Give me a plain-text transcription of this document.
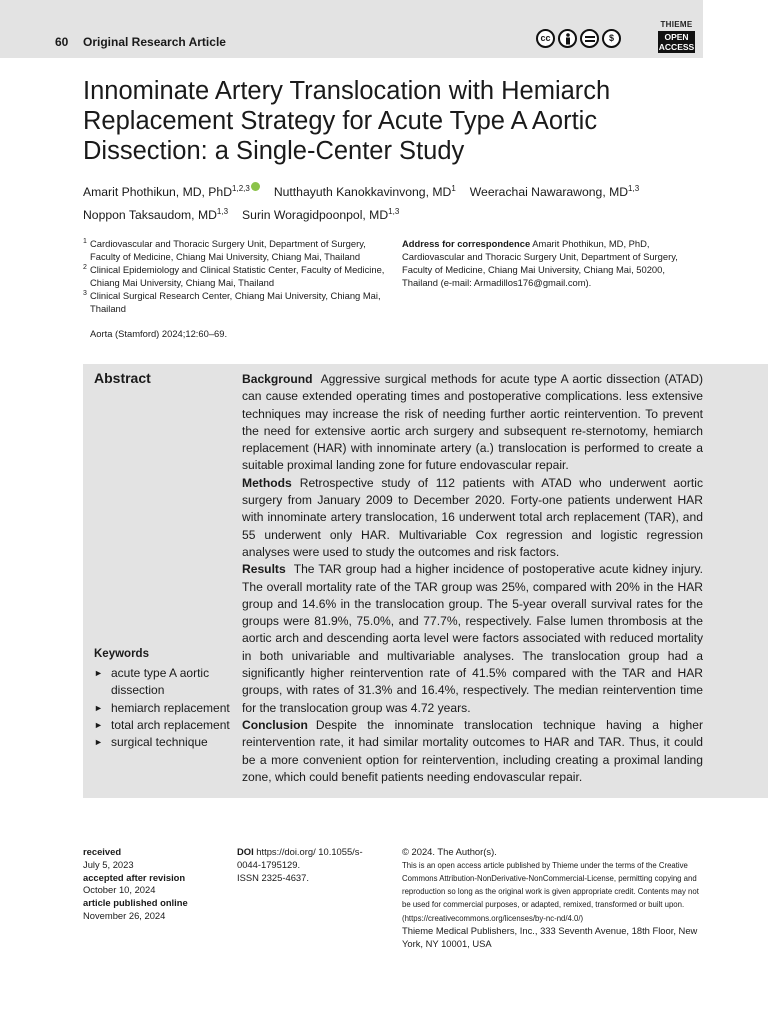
60 Original Research Article	cc	$
THIEME
OPEN
ACCESS
Innominate Artery Translocation with Hemiarch Replacement Strategy for Acute Type A Aortic Dissection: a Single-Center Study
Amarit Phothikun, MD, PhD$^{1,2,3}$ Nutthayuth Kanokkavinvong, $MD^1$ Weerachai Nawarawong, MD$^{1,3}$
Noppon Taksaudom, MD$^{1,3}$ Surin Woragidpoonpol, MD$^{1,3}$
1 Cardiovascular and Thoracic Surgery Unit, Department of Surgery, Faculty of Medicine, Chiang Mai University, Chiang Mai, Thailand
2 Clinical Epidemiology and Clinical Statistic Center, Faculty of Medicine, Chiang Mai University, Chiang Mai, Thailand
3 Clinical Surgical Research Center, Chiang Mai University, Chiang Mai, Thailand
Address for correspondence Amarit Phothikun, MD, PhD, Cardiovascular and Thoracic Surgery Unit, Department of Surgery, Faculty of Medicine, Chiang Mai University, Chiang Mai, 50200, Thailand (e-mail: Armadillos176@gmail.com).
Aorta (Stamford) 2024;12:60–69.
Abstract	Background Aggressive surgical methods for acute type A aortic dissection (ATAD) can cause extended operating times and postoperative complications. less extensive techniques may increase the risk of needing further aortic reintervention. To prevent the need for extensive aortic arch surgery and subsequent re-sternotomy, hemiarch replacement (HAR) with innominate artery (a.) translocation is performed to create a suitable proximal landing zone for future endovascular repair.

Methods Retrospective study of 112 patients with ATAD who underwent aortic surgery from January 2009 to December 2020. Forty-one patients underwent HAR with innominate artery translocation, 16 underwent total arch replacement (TAR), and 55 underwent only HAR. Multivariable Cox regression and logistic regression analyses were used to study the outcomes and risk factors.

Results The TAR group had a higher incidence of postoperative acute kidney injury. The overall mortality rate of the TAR group was 25%, compared with 20% in the HAR group and 14.6% in the translocation group. The 5-year overall survival rates for the groups were 81.9%, 75.0%, and 77.7%, respectively. False lumen thrombosis at the aortic arch and descending aorta level were factors associated with reduced mortality in both univariable and multivariable analyses. The translocation group had a significantly higher reintervention rate of 41.5% compared with the TAR and HAR groups, with rates of 31.3% and 16.4%, respectively. The median reintervention time for the translocation group was 4.72 years.

Conclusion Despite the innominate translocation technique having a higher reintervention rate, it had similar mortality outcomes to HAR and TAR. Thus, it could be a more convenient option for reintervention, including creating a proximal landing zone, which could benefit patients needing endovascular repair.

Keywords
► acute type A aortic dissection
► hemiarch replacement
► total arch replacement
► surgical technique
received
July 5, 2023
accepted after revision
October 10, 2024
article published online
November 26, 2024
DOI https://doi.org/ 10.1055/s-0044-1795129.
ISSN 2325-4637.
© 2024. The Author(s).
This is an open access article published by Thieme under the terms of the Creative Commons Attribution-NonDerivative-NonCommercial-License, permitting copying and reproduction so long as the original work is given appropriate credit. Contents may not be used for commercial purposes, or adapted, remixed, transformed or built upon. (https://creativecommons.org/licenses/by-nc-nd/4.0/)
Thieme Medical Publishers, Inc., 333 Seventh Avenue, 18th Floor, New York, NY 10001, USA
